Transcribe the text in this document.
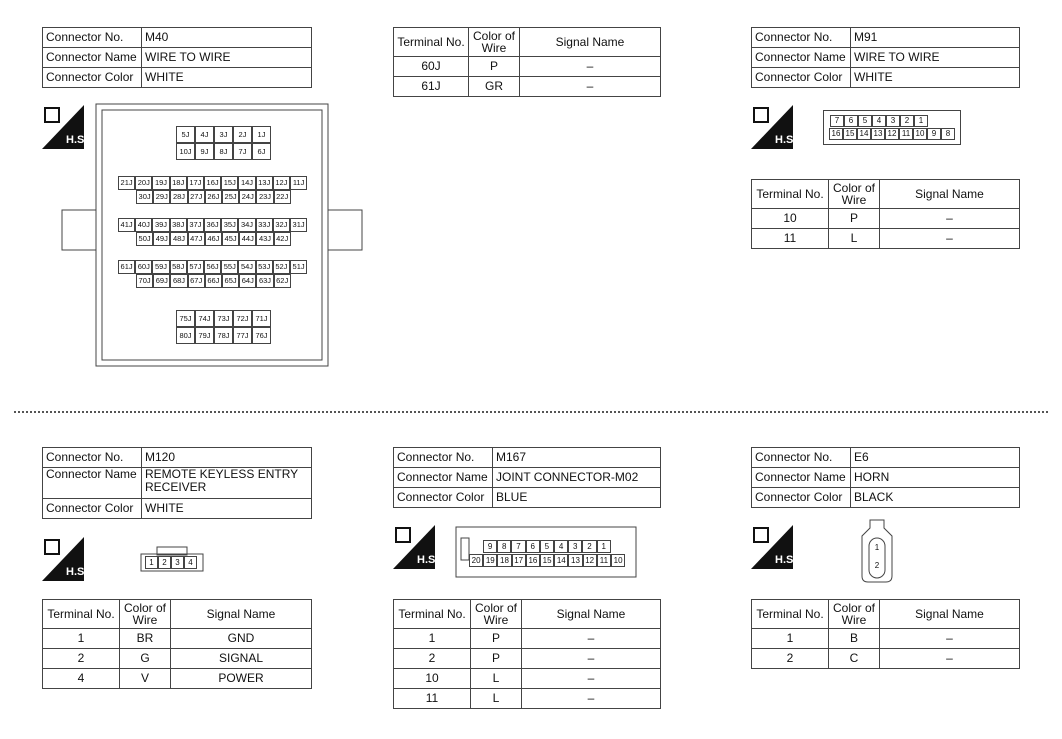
Connector No.	M40
Connector Name	WIRE TO WIRE
Connector Color	WHITE
H.S.	5J	4J	3J	2J	1J
10J	9J	8J	7J	6J
21J 20J 19J 18J 17J 16J 15J 14J 13J 12J 11J
30J 29J 28J 27J 26J 25J 24J 23J 22J
41J 40J 39J 38J 37J 36J 35J 34J 33J 32J 31J
50J 49J 48J 47J 46J 45J 44J 43J 42J
61J 60J 59J 58J 57J 56J 55J 54J 53J 52J 51J
70J 69J 68J 67J 66J 65J 64J 63J 62J
75J 74J 73J 72J 71J
80J 79J 78J 77J 76J
Terminal No.	Color of Wire	Signal Name
60J	P	–
61J	GR	–
Connector No.	M91
Connector Name	WIRE TO WIRE
Connector Color	WHITE
H.S.
7	6	5	4	3	2	1
16 15 14 13 12 11 10 9	8
Terminal No.	Color of Wire	Signal Name
10	P	–
11	L	–
Connector No.	M120
Connector Name	REMOTE KEYLESS ENTRY RECEIVER
Connector Color	WHITE
H.S.
1	2	3	4
Terminal No.	Color of Wire	Signal Name
1	BR	GND
2	G	SIGNAL
4	V	POWER
Connector No.	M167
Connector Name	JOINT CONNECTOR-M02
Connector Color	BLUE
H.S.
9	8	7	6	5	4	3	2	1
20 19 18 17 16 15 14 13 12 11 10
Terminal No.	Color of Wire	Signal Name
1	P	–
2	P	–
10	L	–
11	L	–
Connector No.	E6
Connector Name	HORN
Connector Color	BLACK
H.S.
1
2
Terminal No.	Color of Wire	Signal Name
1	B	–
2	C	–
